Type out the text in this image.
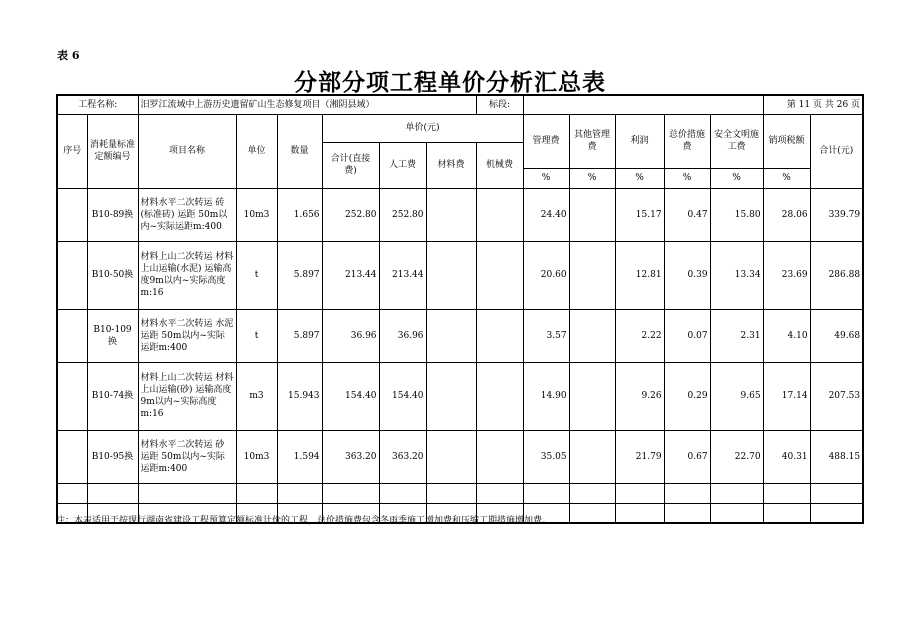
表 6
分部分项工程单价分析汇总表
工程名称:		汨罗江流域中上游历史遗留矿山生态修复项目（湘阴县域）						标段:						第 11 页 共 26 页	
序号	消耗量标准定额编号	项目名称	单位	数量	单价(元)				管理费	其他管理费	利润	总价措施费	安全文明施工费	销项税额	合计(元)
					合计(直接费)	人工费	材料费	机械费							
									%	%	%	%	%	%	
	B10-89换	材料水平二次转运 砖(标准砖) 运距 50m以内~实际运距m:400	10m3	1.656	252.80	252.80			24.40		15.17	0.47	15.80	28.06	339.79
	B10-50换	材料上山二次转运 材料上山运输(水泥) 运输高度9m以内~实际高度m:16	t	5.897	213.44	213.44			20.60		12.81	0.39	13.34	23.69	286.88
	B10-109换	材料水平二次转运 水泥 运距 50m以内~实际运距m:400	t	5.897	36.96	36.96			3.57		2.22	0.07	2.31	4.10	49.68
	B10-74换	材料上山二次转运 材料上山运输(砂) 运输高度9m以内~实际高度m:16	m3	15.943	154.40	154.40			14.90		9.26	0.29	9.65	17.14	207.53
	B10-95换	材料水平二次转运 砂 运距 50m以内~实际运距m:400	10m3	1.594	363.20	363.20			35.05		21.79	0.67	22.70	40.31	488.15

注：本表适用于按现行湖南省建设工程预算定额标准计价的工程，总价措施费包含冬雨季施工增加费和压缩工期措施增加费。
